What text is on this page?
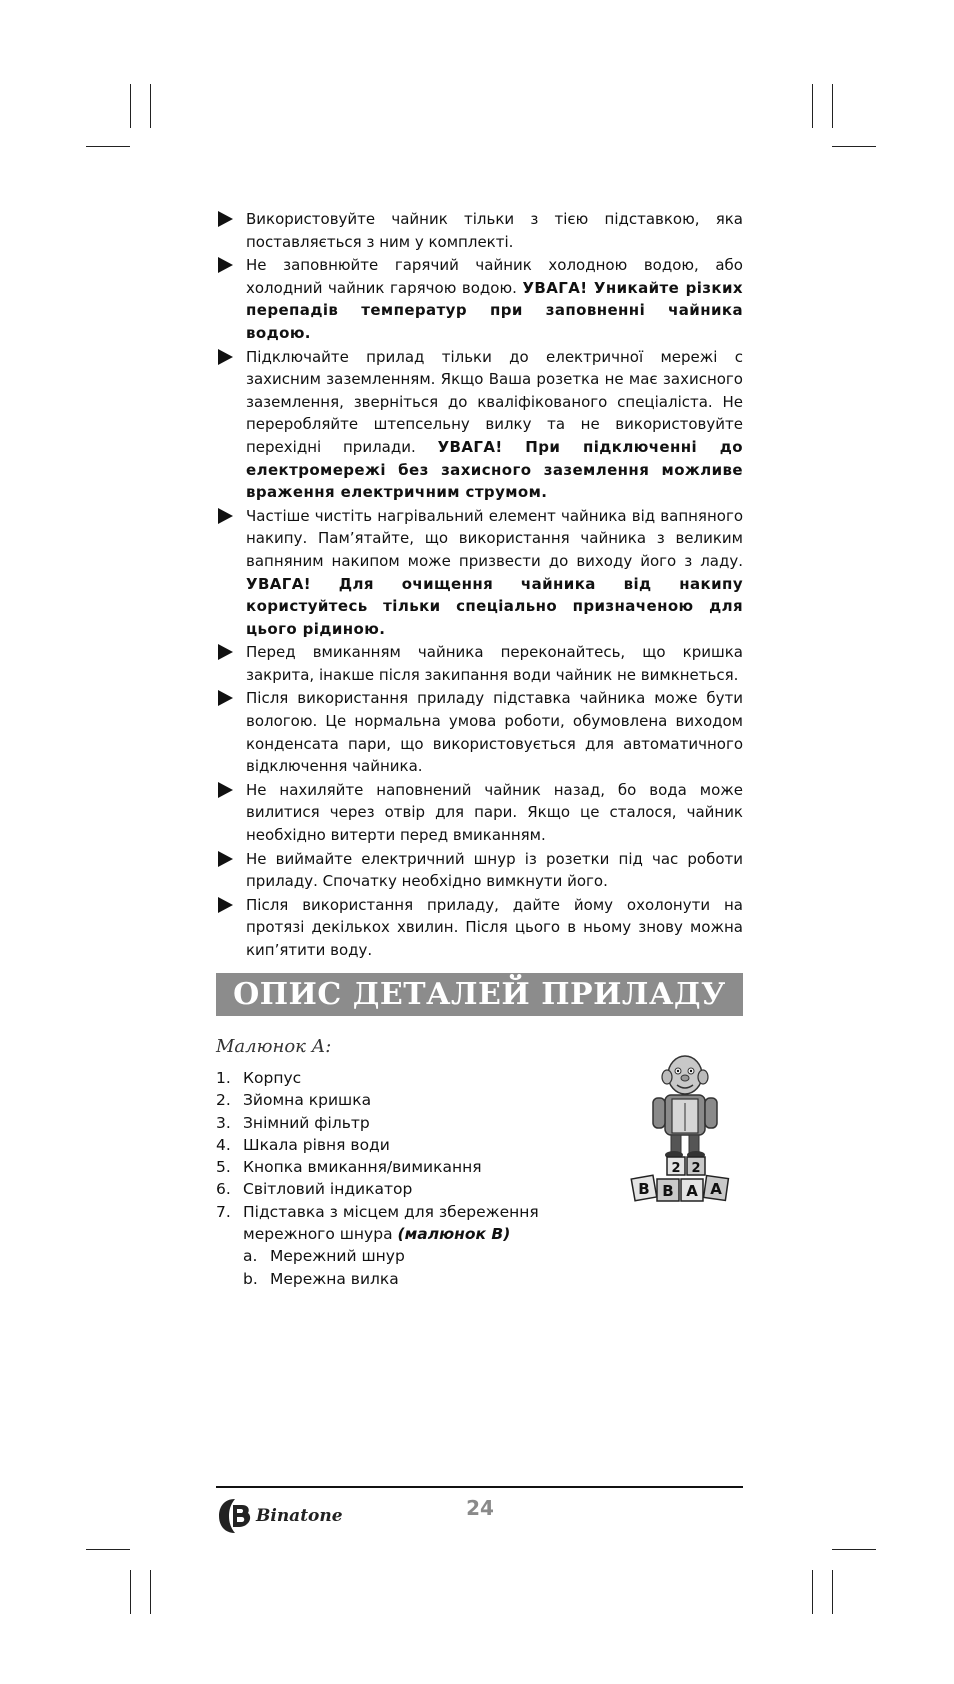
Використовуйте чайник тільки з тією підставкою, яка поставляється з ним у комплекті.
Не заповнюйте гарячий чайник холодною водою, або холодний чайник гарячою водою. УВАГА! Уникайте різких перепадів температур при заповненні чайника водою.
Підключайте прилад тільки до електричної мережі с захисним заземленням. Якщо Ваша розетка не має захисного заземлення, зверніться до кваліфікованого спеціаліста. Не переробляйте штепсельну вилку та не використовуйте перехідні прилади. УВАГА! При підключенні до електромережі без захисного заземлення можливе враження електричним струмом.
Частіше чистіть нагрівальний елемент чайника від вапняного накипу. Пам’ятайте, що використання чайника з великим вапняним накипом може призвести до виходу його з ладу. УВАГА! Для очищення чайника від накипу користуйтесь тільки спеціально призначеною для цього рідиною.
Перед вмиканням чайника переконайтесь, що кришка закрита, інакше після закипання води чайник не вимкнеться.
Після використання приладу підставка чайника може бути вологою. Це нормальна умова роботи, обумовлена виходом конденсата пари, що використовується для автоматичного відключення чайника.
Не нахиляйте наповнений чайник назад, бо вода може вилитися через отвір для пари. Якщо це сталося, чайник необхідно витерти перед вмиканням.
Не виймайте електричний шнур із розетки під час роботи приладу. Спочатку необхідно вимкнути його.
Після використання приладу, дайте йому охолонути на протязі декількох хвилин. Після цього в ньому знову можна кип’ятити воду.
ОПИС ДЕТАЛЕЙ ПРИЛАДУ
Малюнок А:
1. Корпус
2. Зйомна кришка
3. Знімний фільтр
4. Шкала рівня води
5. Кнопка вмикання/вимикання
6. Світловий індикатор
7. Підставка з місцем для збереження
мережного шнура
(малюнок В)
a. Мережний шнур
b. Мережна вилка
2 2
В В А А
Binatone	24
